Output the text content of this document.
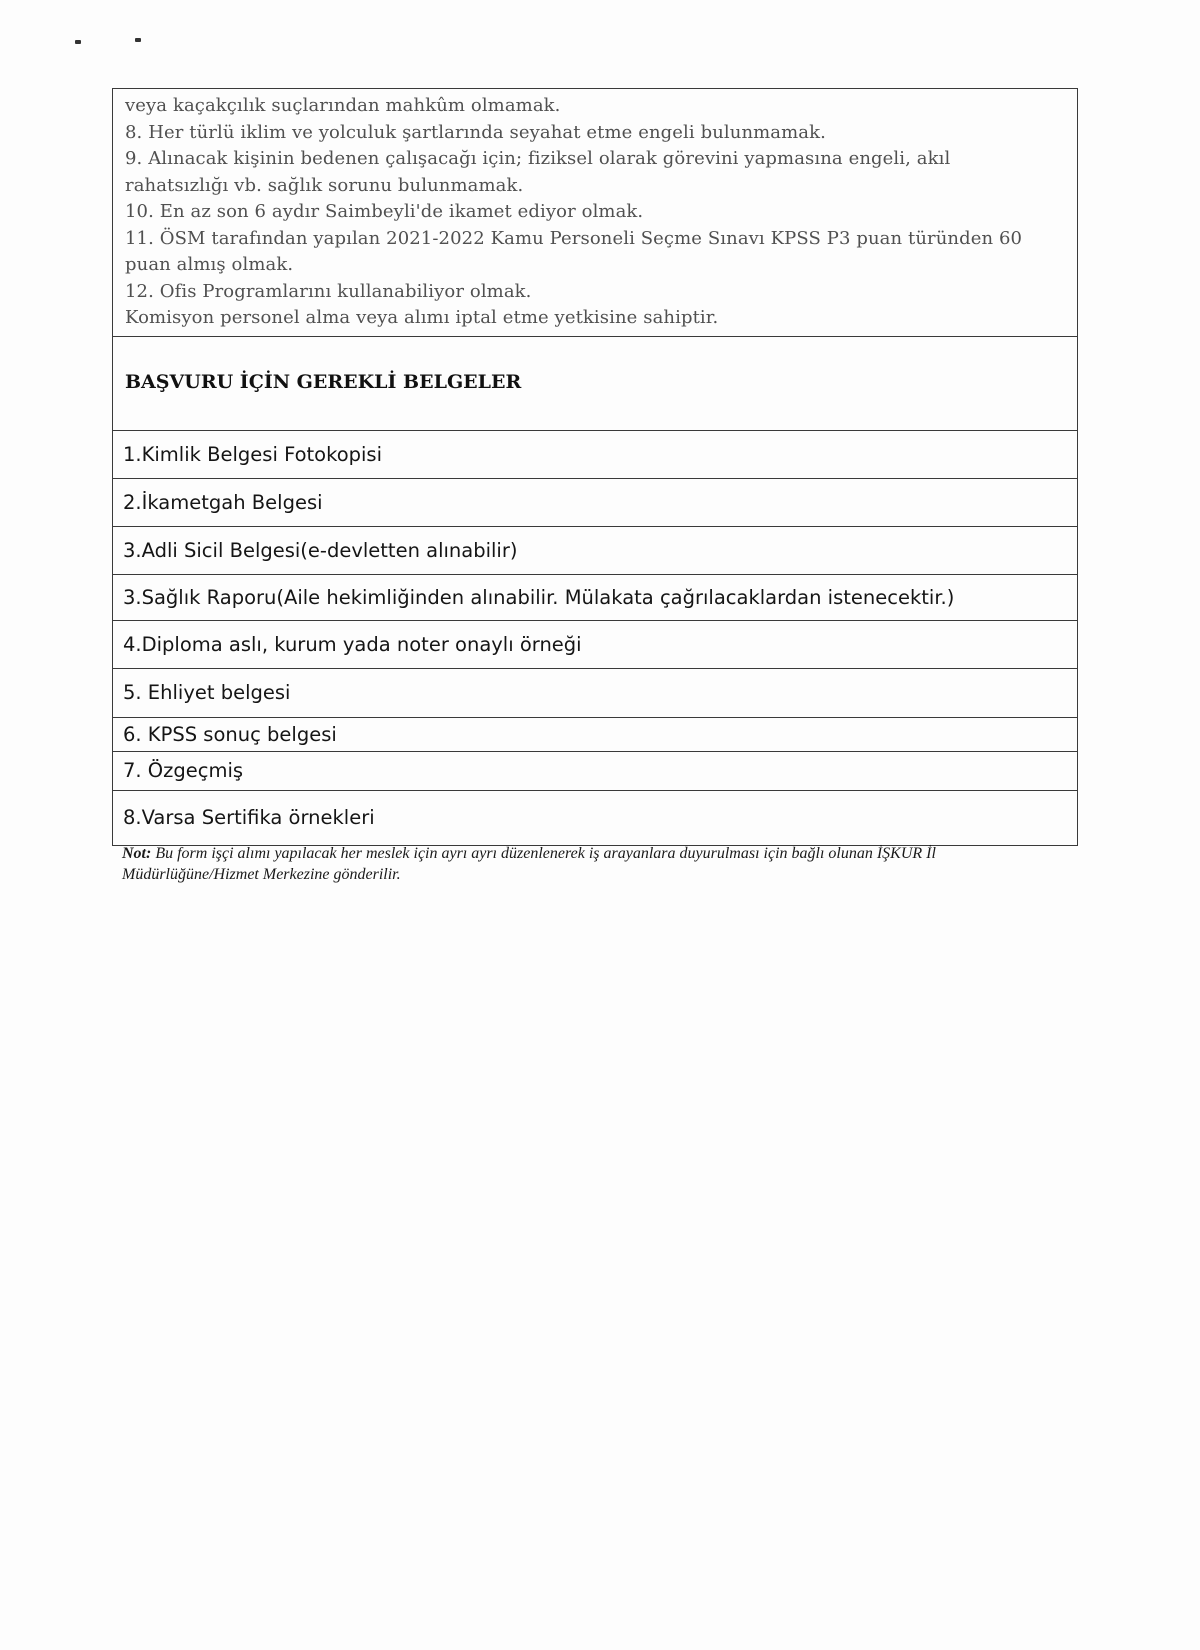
veya kaçakçılık suçlarından mahkûm olmamak.
8. Her türlü iklim ve yolculuk şartlarında seyahat etme engeli bulunmamak.
9. Alınacak kişinin bedenen çalışacağı için; fiziksel olarak görevini yapmasına engeli, akıl
rahatsızlığı vb. sağlık sorunu bulunmamak.
10. En az son 6 aydır Saimbeyli'de ikamet ediyor olmak.
11. ÖSM tarafından yapılan 2021-2022 Kamu Personeli Seçme Sınavı KPSS P3 puan türünden 60
puan almış olmak.
12. Ofis Programlarını kullanabiliyor olmak.
Komisyon personel alma veya alımı iptal etme yetkisine sahiptir.
BAŞVURU İÇİN GEREKLİ BELGELER
1.Kimlik Belgesi Fotokopisi
2.İkametgah Belgesi
3.Adli Sicil Belgesi(e-devletten alınabilir)
3.Sağlık Raporu(Aile hekimliğinden alınabilir. Mülakata çağrılacaklardan istenecektir.)
4.Diploma aslı, kurum yada noter onaylı örneği
5. Ehliyet belgesi
6. KPSS sonuç belgesi
7. Özgeçmiş
8.Varsa Sertifika örnekleri
Not: Bu form işçi alımı yapılacak her meslek için ayrı ayrı düzenlenerek iş arayanlara duyurulması için bağlı olunan İŞKUR İl
Müdürlüğüne/Hizmet Merkezine gönderilir.
